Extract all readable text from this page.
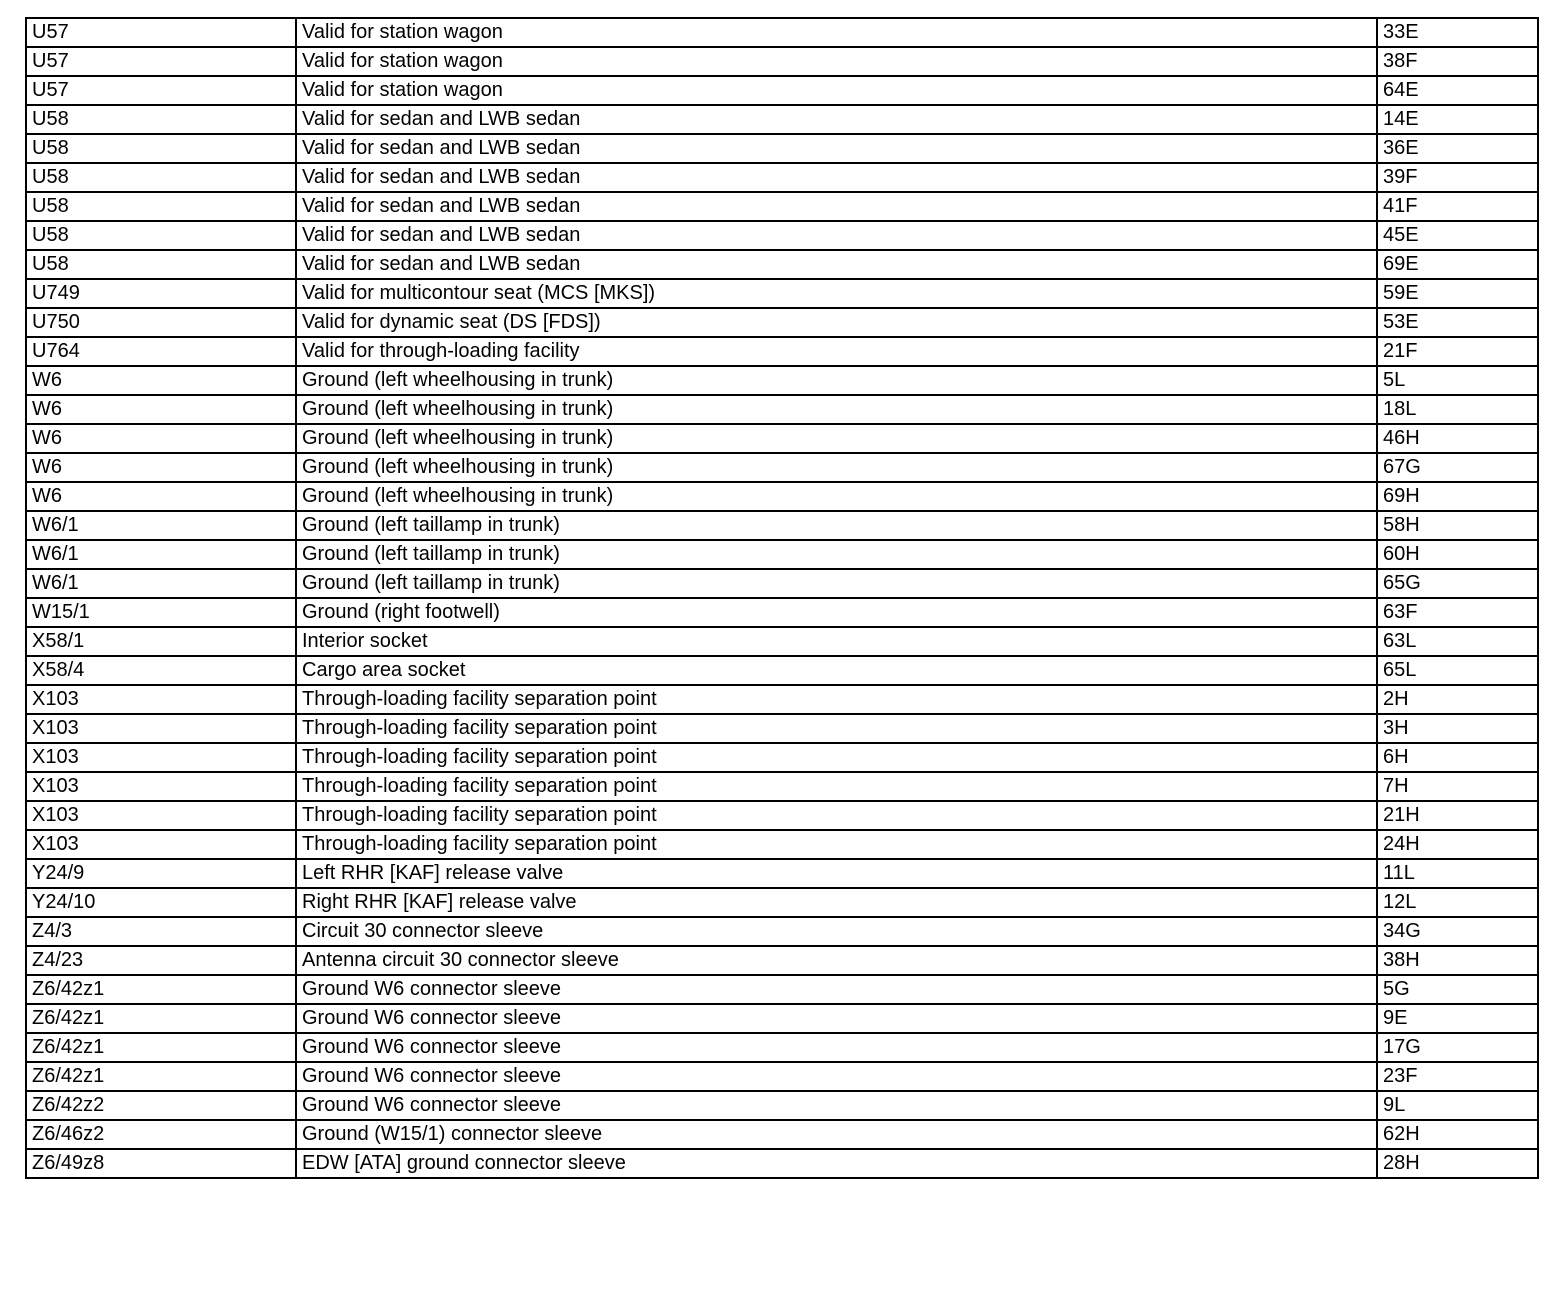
U57	Valid for station wagon	33E
U57	Valid for station wagon	38F
U57	Valid for station wagon	64E
U58	Valid for sedan and LWB sedan	14E
U58	Valid for sedan and LWB sedan	36E
U58	Valid for sedan and LWB sedan	39F
U58	Valid for sedan and LWB sedan	41F
U58	Valid for sedan and LWB sedan	45E
U58	Valid for sedan and LWB sedan	69E
U749	Valid for multicontour seat (MCS [MKS])	59E
U750	Valid for dynamic seat (DS [FDS])	53E
U764	Valid for through-loading facility	21F
W6	Ground (left wheelhousing in trunk)	5L
W6	Ground (left wheelhousing in trunk)	18L
W6	Ground (left wheelhousing in trunk)	46H
W6	Ground (left wheelhousing in trunk)	67G
W6	Ground (left wheelhousing in trunk)	69H
W6/1	Ground (left taillamp in trunk)	58H
W6/1	Ground (left taillamp in trunk)	60H
W6/1	Ground (left taillamp in trunk)	65G
W15/1	Ground (right footwell)	63F
X58/1	Interior socket	63L
X58/4	Cargo area socket	65L
X103	Through-loading facility separation point	2H
X103	Through-loading facility separation point	3H
X103	Through-loading facility separation point	6H
X103	Through-loading facility separation point	7H
X103	Through-loading facility separation point	21H
X103	Through-loading facility separation point	24H
Y24/9	Left RHR [KAF] release valve	11L
Y24/10	Right RHR [KAF] release valve	12L
Z4/3	Circuit 30 connector sleeve	34G
Z4/23	Antenna circuit 30 connector sleeve	38H
Z6/42z1	Ground W6 connector sleeve	5G
Z6/42z1	Ground W6 connector sleeve	9E
Z6/42z1	Ground W6 connector sleeve	17G
Z6/42z1	Ground W6 connector sleeve	23F
Z6/42z2	Ground W6 connector sleeve	9L
Z6/46z2	Ground (W15/1) connector sleeve	62H
Z6/49z8	EDW [ATA] ground connector sleeve	28H
